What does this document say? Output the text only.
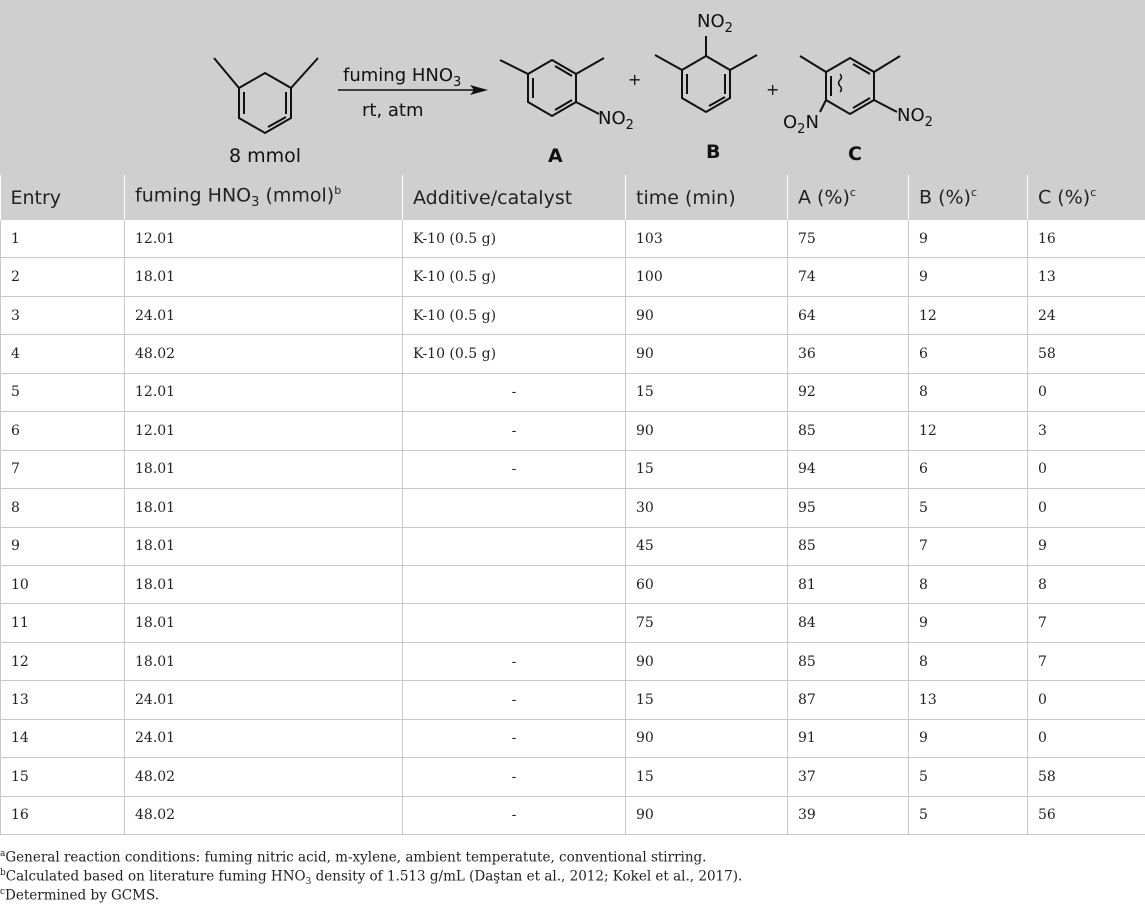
8 mmol
fuming $HNO_3$
rt, atm	$NO_2$
A
+
$NO_2$
B
+
$NO_2$
$O_2N$
C
Entry	fuming $HNO_3$ (mmol)$^b$	Additive/catalyst	time (min)	A (%)$^c$	B (%)$^c$	C (%)$^c$
1	12.01	K-10 (0.5 g)	103	75	9	16
2	18.01	K-10 (0.5 g)	100	74	9	13
3	24.01	K-10 (0.5 g)	90	64	12	24
4	48.02	K-10 (0.5 g)	90	36	6	58
5	12.01	-	15	92	8	0
6	12.01	-	90	85	12	3
7	18.01	-	15	94	6	0
8	18.01		30	95	5	0
9	18.01		45	85	7	9
10	18.01		60	81	8	8
11	18.01		75	84	9	7
12	18.01	-	90	85	8	7
13	24.01	-	15	87	13	0
14	24.01	-	90	91	9	0
15	48.02	-	15	37	5	58
16	48.02	-	90	39	5	56
$^a$General reaction conditions: fuming nitric acid, m-xylene, ambient temperatute, conventional stirring.
$^b$Calculated based on literature fuming $HNO_3$ density of 1.513 g/mL (Daştan et al., 2012; Kokel et al., 2017).
$^c$Determined by GCMS.
